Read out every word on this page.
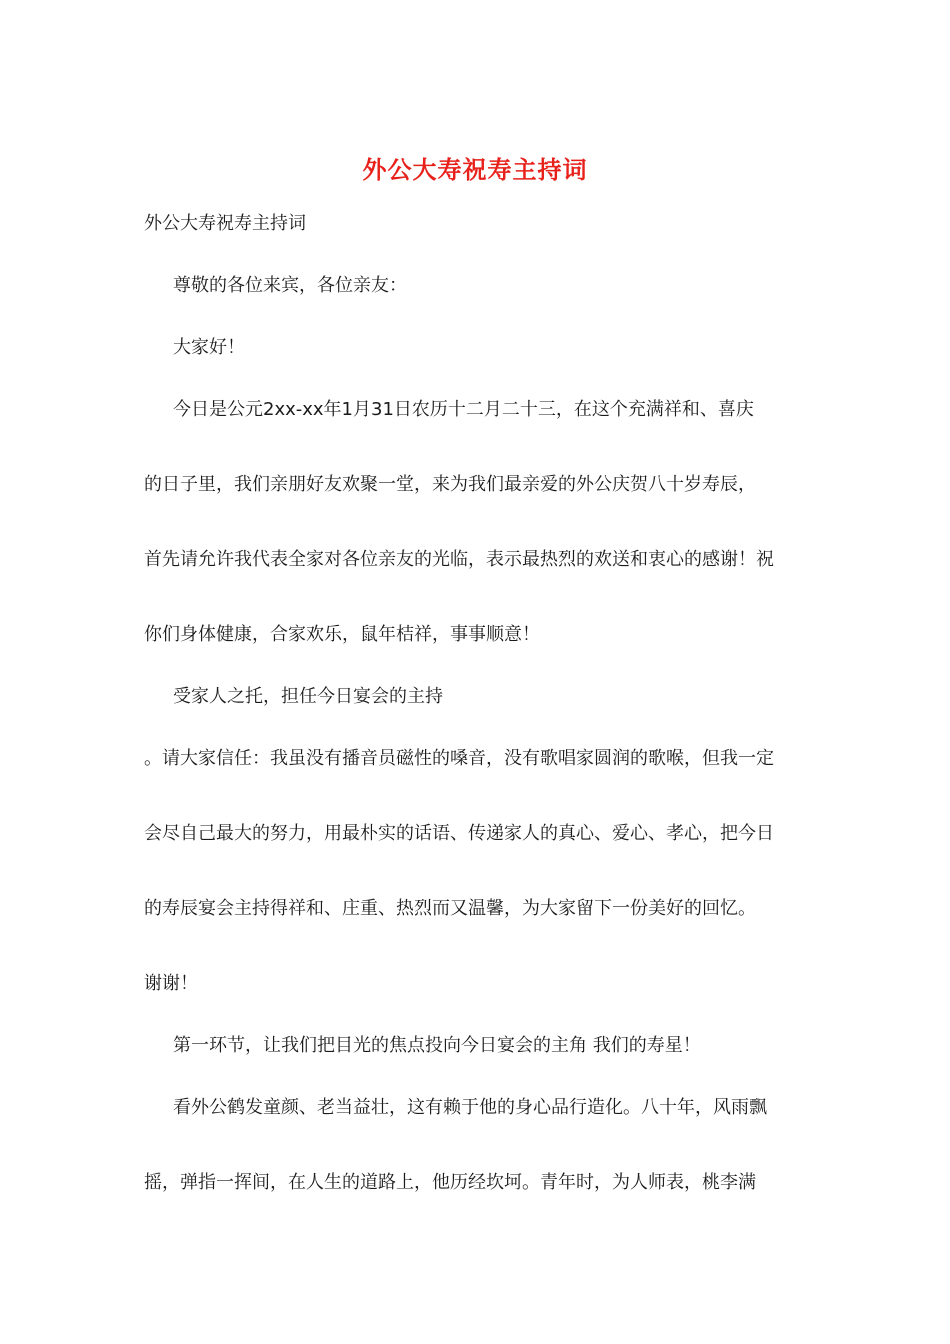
外公大寿祝寿主持词
外公大寿祝寿主持词
尊敬的各位来宾，各位亲友：
大家好！
今日是公元2xx-xx年1月31日农历十二月二十三，在这个充满祥和、喜庆
的日子里，我们亲朋好友欢聚一堂，来为我们最亲爱的外公庆贺八十岁寿辰，
首先请允许我代表全家对各位亲友的光临，表示最热烈的欢送和衷心的感谢！祝
你们身体健康，合家欢乐，鼠年桔祥，事事顺意！
受家人之托，担任今日宴会的主持
。请大家信任：我虽没有播音员磁性的嗓音，没有歌唱家圆润的歌喉，但我一定
会尽自己最大的努力，用最朴实的话语、传递家人的真心、爱心、孝心，把今日
的寿辰宴会主持得祥和、庄重、热烈而又温馨，为大家留下一份美好的回忆。
谢谢！
第一环节，让我们把目光的焦点投向今日宴会的主角 我们的寿星！
看外公鹤发童颜、老当益壮，这有赖于他的身心品行造化。八十年，风雨飘
摇，弹指一挥间，在人生的道路上，他历经坎坷。青年时，为人师表，桃李满
